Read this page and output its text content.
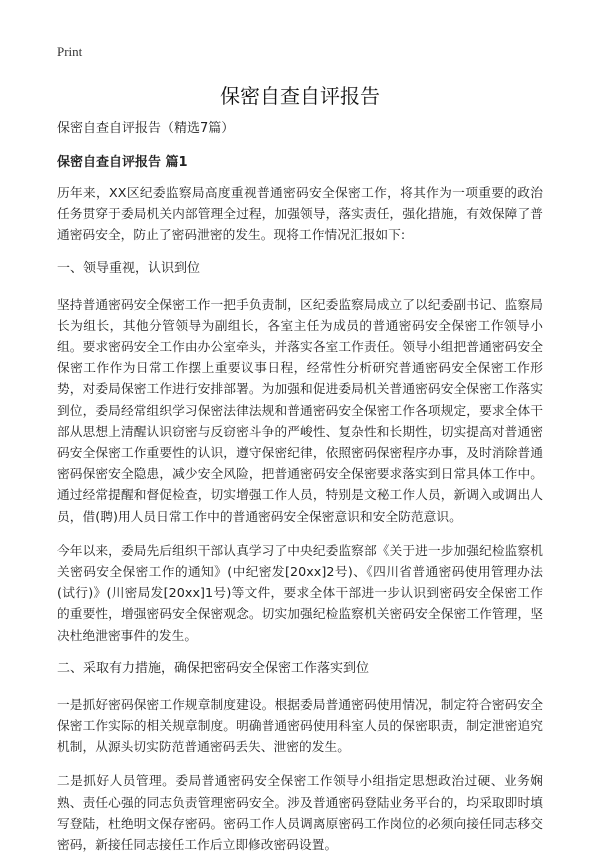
Print
保密自查自评报告

保密自查自评报告（精选7篇）

保密自查自评报告 篇1

历年来，XX区纪委监察局高度重视普通密码安全保密工作，将其作为一项重要的政治任务贯穿于委局机关内部管理全过程，加强领导，落实责任，强化措施，有效保障了普通密码安全，防止了密码泄密的发生。现将工作情况汇报如下:

一、领导重视，认识到位

坚持普通密码安全保密工作一把手负责制，区纪委监察局成立了以纪委副书记、监察局长为组长，其他分管领导为副组长，各室主任为成员的普通密码安全保密工作领导小组。要求密码安全工作由办公室牵头，并落实各室工作责任。领导小组把普通密码安全保密工作作为日常工作摆上重要议事日程，经常性分析研究普通密码安全保密工作形势，对委局保密工作进行安排部署。为加强和促进委局机关普通密码安全保密工作落实到位，委局经常组织学习保密法律法规和普通密码安全保密工作各项规定，要求全体干部从思想上清醒认识窃密与反窃密斗争的严峻性、复杂性和长期性，切实提高对普通密码安全保密工作重要性的认识，遵守保密纪律，依照密码保密程序办事，及时消除普通密码保密安全隐患，减少安全风险，把普通密码安全保密要求落实到日常具体工作中。通过经常提醒和督促检查，切实增强工作人员，特别是文秘工作人员，新调入或调出人员，借(聘)用人员日常工作中的普通密码安全保密意识和安全防范意识。

今年以来，委局先后组织干部认真学习了中央纪委监察部《关于进一步加强纪检监察机关密码安全保密工作的通知》(中纪密发[20xx]2号)、《四川省普通密码使用管理办法(试行)》(川密局发[20xx]1号)等文件，要求全体干部进一步认识到密码安全保密工作的重要性，增强密码安全保密观念。切实加强纪检监察机关密码安全保密工作管理，坚决杜绝泄密事件的发生。

二、采取有力措施，确保把密码安全保密工作落实到位

一是抓好密码保密工作规章制度建设。根据委局普通密码使用情况，制定符合密码安全保密工作实际的相关规章制度。明确普通密码使用科室人员的保密职责，制定泄密追究机制，从源头切实防范普通密码丢失、泄密的发生。

二是抓好人员管理。委局普通密码安全保密工作领导小组指定思想政治过硬、业务娴熟、责任心强的同志负责管理密码安全。涉及普通密码登陆业务平台的，均采取即时填写登陆，杜绝明文保存密码。密码工作人员调离原密码工作岗位的必须向接任同志移交密码，新接任同志接任工作后立即修改密码设置。
